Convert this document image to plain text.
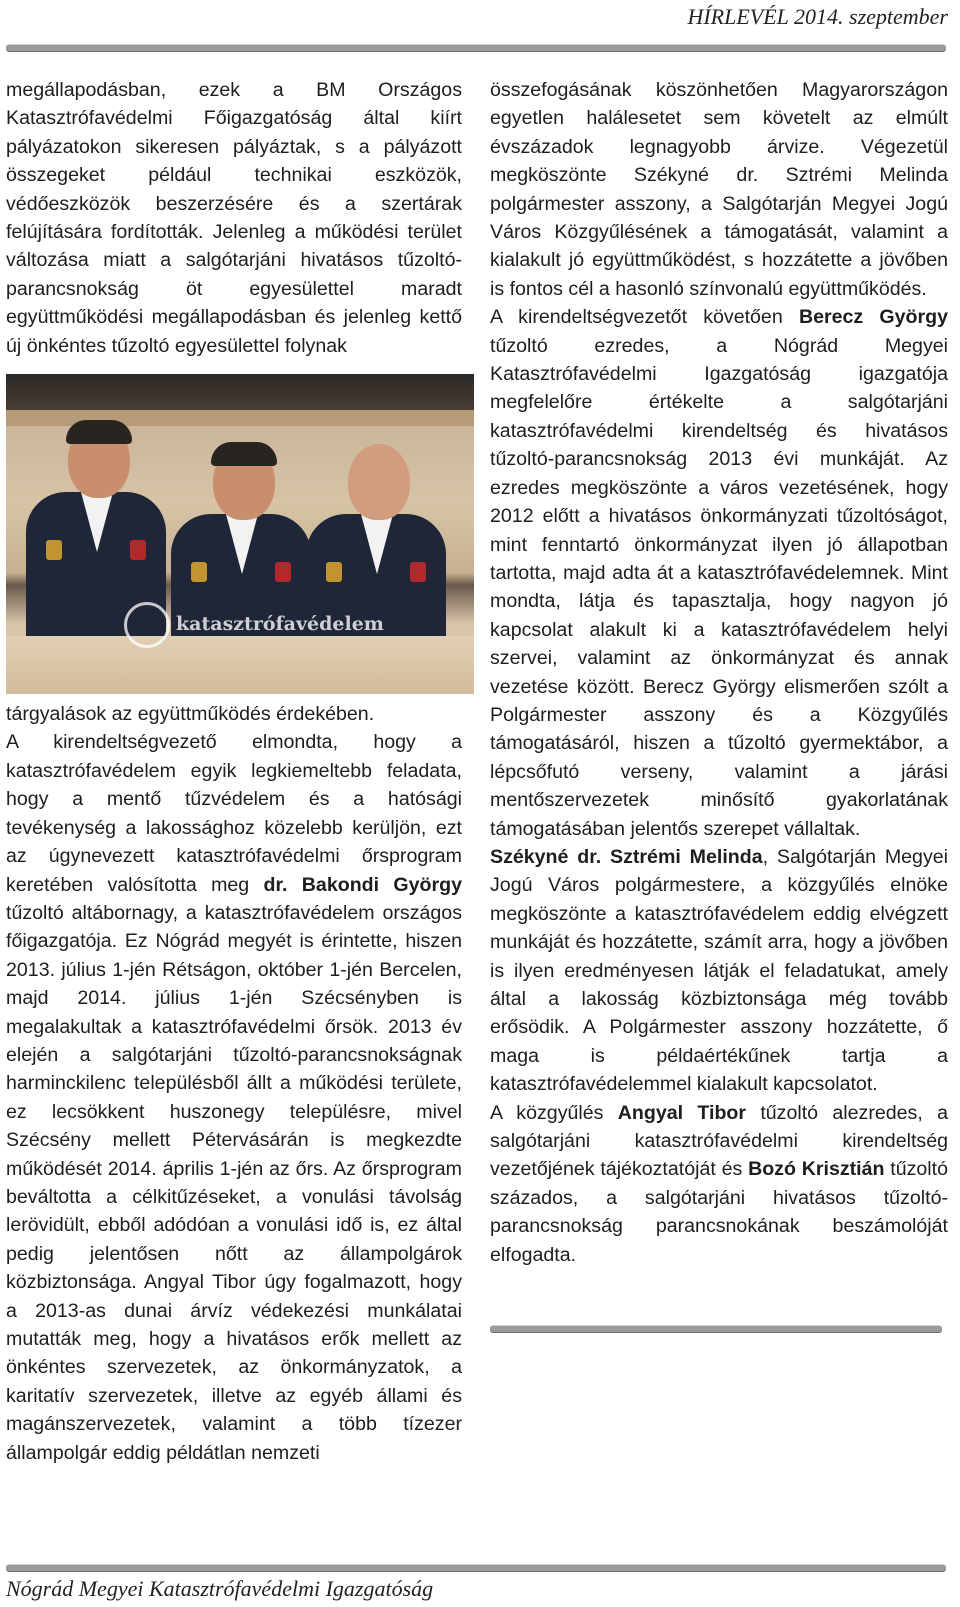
HÍRLEVÉL 2014. szeptember

megállapodásban, ezek a BM Országos Katasztrófavédelmi Főigazgatóság által kiírt pályázatokon sikeresen pályáztak, s a pályázott összegeket például technikai eszközök, védőeszközök beszerzésére és a szertárak felújítására fordították. Jelenleg a működési terület változása miatt a salgótarjáni hivatásos tűzoltó-parancsnokság öt egyesülettel maradt együttműködési megállapodásban és jelenleg kettő új önkéntes tűzoltó egyesülettel folynak

katasztrófavédelem

tárgyalások az együttműködés érdekében.

A kirendeltségvezető elmondta, hogy a katasztrófavédelem egyik legkiemeltebb feladata, hogy a mentő tűzvédelem és a hatósági tevékenység a lakossághoz közelebb kerüljön, ezt az úgynevezett katasztrófavédelmi őrsprogram keretében valósította meg dr. Bakondi György tűzoltó altábornagy, a katasztrófavédelem országos főigazgatója. Ez Nógrád megyét is érintette, hiszen 2013. július 1-jén Rétságon, október 1-jén Bercelen, majd 2014. július 1-jén Szécsényben is megalakultak a katasztrófavédelmi őrsök. 2013 év elején a salgótarjáni tűzoltó-parancsnokságnak harminckilenc településből állt a működési területe, ez lecsökkent huszonegy településre, mivel Szécsény mellett Pétervásárán is megkezdte működését 2014. április 1-jén az őrs. Az őrsprogram beváltotta a célkitűzéseket, a vonulási távolság lerövidült, ebből adódóan a vonulási idő is, ez által pedig jelentősen nőtt az állampolgárok közbiztonsága. Angyal Tibor úgy fogalmazott, hogy a 2013-as dunai árvíz védekezési munkálatai mutatták meg, hogy a hivatásos erők mellett az önkéntes szervezetek, az önkormányzatok, a karitatív szervezetek, illetve az egyéb állami és magánszervezetek, valamint a több tízezer állampolgár eddig példátlan nemzeti

összefogásának köszönhetően Magyarországon egyetlen halálesetet sem követelt az elmúlt évszázadok legnagyobb árvize. Végezetül megköszönte Székyné dr. Sztrémi Melinda polgármester asszony, a Salgótarján Megyei Jogú Város Közgyűlésének a támogatását, valamint a kialakult jó együttműködést, s hozzátette a jövőben is fontos cél a hasonló színvonalú együttműködés.

A kirendeltségvezetőt követően Berecz György tűzoltó ezredes, a Nógrád Megyei Katasztrófavédelmi Igazgatóság igazgatója megfelelőre értékelte a salgótarjáni katasztrófavédelmi kirendeltség és hivatásos tűzoltó-parancsnokság 2013 évi munkáját. Az ezredes megköszönte a város vezetésének, hogy 2012 előtt a hivatásos önkormányzati tűzoltóságot, mint fenntartó önkormányzat ilyen jó állapotban tartotta, majd adta át a katasztrófavédelemnek. Mint mondta, látja és tapasztalja, hogy nagyon jó kapcsolat alakult ki a katasztrófavédelem helyi szervei, valamint az önkormányzat és annak vezetése között. Berecz György elismerően szólt a Polgármester asszony és a Közgyűlés támogatásáról, hiszen a tűzoltó gyermektábor, a lépcsőfutó verseny, valamint a járási mentőszervezetek minősítő gyakorlatának támogatásában jelentős szerepet vállaltak.

Székyné dr. Sztrémi Melinda, Salgótarján Megyei Jogú Város polgármestere, a közgyűlés elnöke megköszönte a katasztrófavédelem eddig elvégzett munkáját és hozzátette, számít arra, hogy a jövőben is ilyen eredményesen látják el feladatukat, amely által a lakosság közbiztonsága még tovább erősödik. A Polgármester asszony hozzátette, ő maga is példaértékűnek tartja a katasztrófavédelemmel kialakult kapcsolatot.

A közgyűlés Angyal Tibor tűzoltó alezredes, a salgótarjáni katasztrófavédelmi kirendeltség vezetőjének tájékoztatóját és Bozó Krisztián tűzoltó százados, a salgótarjáni hivatásos tűzoltó-parancsnokság parancsnokának beszámolóját elfogadta.

Nógrád Megyei Katasztrófavédelmi Igazgatóság
